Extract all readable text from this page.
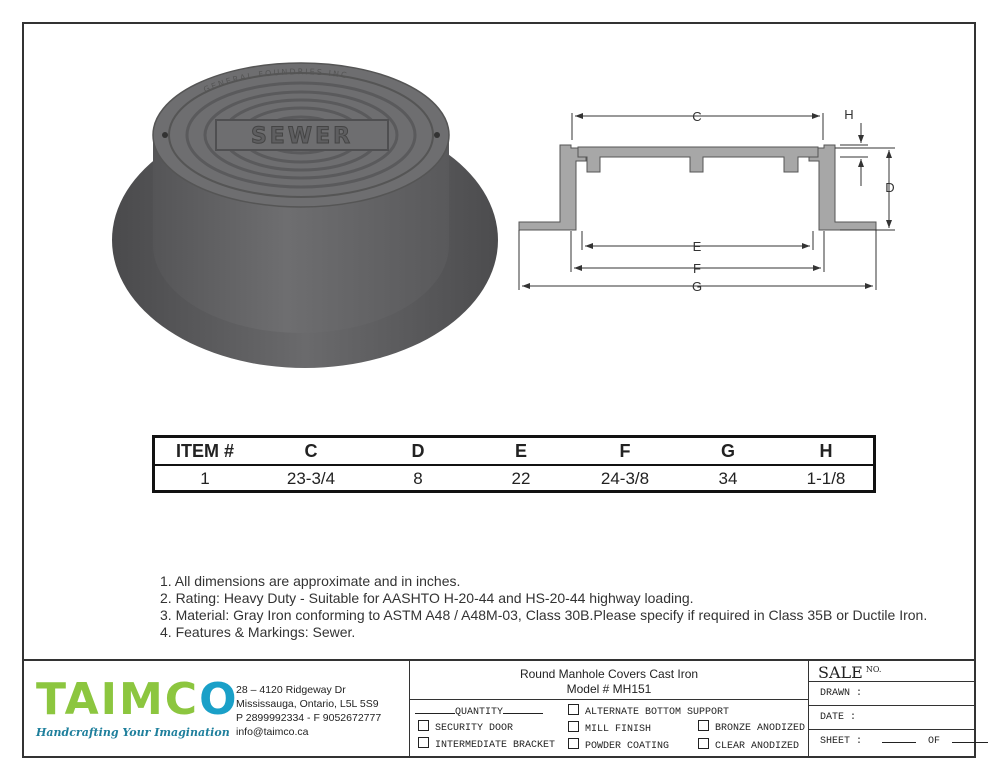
SEWER
GENERAL FOUNDRIES INC
C	H
D
E
F
G
ITEM #	C	D	E	F	G	H
1	23-3/4	8	22	24-3/8	34	1-1/8
1. All dimensions are approximate and in inches.
2. Rating: Heavy Duty - Suitable for AASHTO H-20-44 and HS-20-44 highway loading.
3. Material: Gray Iron conforming to ASTM A48 / A48M-03, Class 30B.Please specify if required in Class 35B or Ductile Iron.
4. Features & Markings: Sewer.
TAIMCO
Handcrafting Your Imagination
28 – 4120 Ridgeway Dr
Mississauga, Ontario, L5L 5S9
P 2899992334 - F 9052672777
info@taimco.ca
Round Manhole Covers Cast Iron
Model # MH151
QUANTITY	ALTERNATE BOTTOM SUPPORT
SECURITY DOOR	MILL FINISH	BRONZE ANODIZED
INTERMEDIATE BRACKET	POWDER COATING	CLEAR ANODIZED
SALE $^{NO.}$
DRAWN :
DATE :
SHEET :	OF
